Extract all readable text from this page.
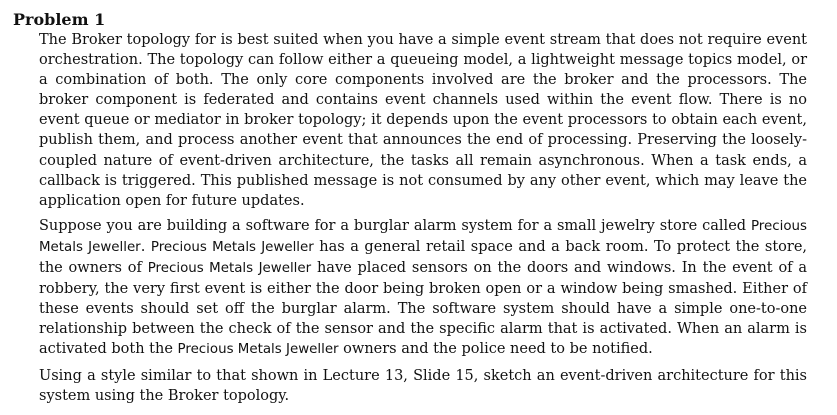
Problem 1

The Broker topology for is best suited when you have a simple event stream that does not require event orchestration. The topology can follow either a queueing model, a lightweight message topics model, or a combination of both. The only core components involved are the broker and the processors. The broker component is federated and contains event channels used within the event flow. There is no event queue or mediator in broker topology; it depends upon the event processors to obtain each event, publish them, and process another event that announces the end of processing. Preserving the loosely-coupled nature of event-driven architecture, the tasks all remain asynchronous. When a task ends, a callback is triggered. This published message is not consumed by any other event, which may leave the application open for future updates.

Suppose you are building a software for a burglar alarm system for a small jewelry store called Precious Metals Jeweller. Precious Metals Jeweller has a general retail space and a back room. To protect the store, the owners of Precious Metals Jeweller have placed sensors on the doors and windows. In the event of a robbery, the very first event is either the door being broken open or a window being smashed. Either of these events should set off the burglar alarm. The software system should have a simple one-to-one relationship between the check of the sensor and the specific alarm that is activated. When an alarm is activated both the Precious Metals Jeweller owners and the police need to be notified.

Using a style similar to that shown in Lecture 13, Slide 15, sketch an event-driven architecture for this system using the Broker topology.
